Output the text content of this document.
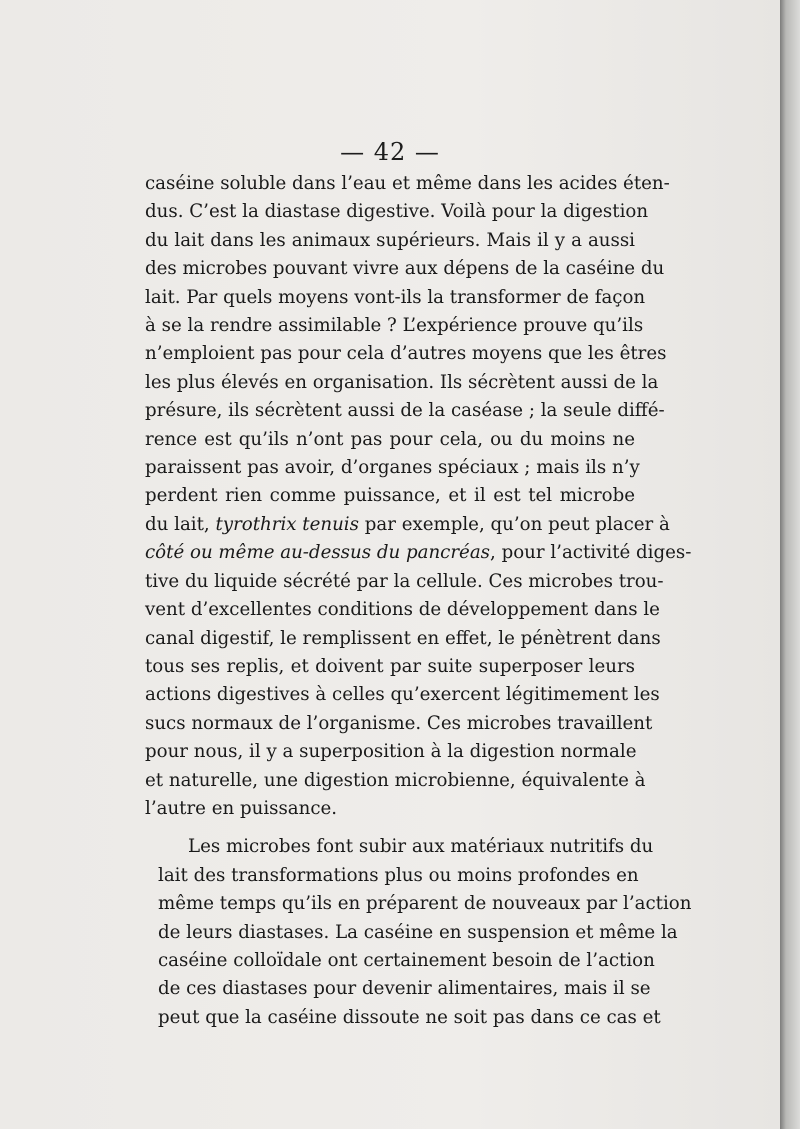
— 42 —
caséine soluble dans l’eau et même dans les acides éten-
dus. C’est la diastase digestive. Voilà pour la digestion
du lait dans les animaux supérieurs. Mais il y a aussi
des microbes pouvant vivre aux dépens de la caséine du
lait. Par quels moyens vont-ils la transformer de façon
à se la rendre assimilable ? L’expérience prouve qu’ils
n’emploient pas pour cela d’autres moyens que les êtres
les plus élevés en organisation. Ils sécrètent aussi de la
présure, ils sécrètent aussi de la caséase ; la seule diffé-
rence est qu’ils n’ont pas pour cela, ou du moins ne
paraissent pas avoir, d’organes spéciaux ; mais ils n’y
perdent rien comme puissance, et il est tel microbe
du lait, tyrothrix tenuis par exemple, qu’on peut placer à
côté ou même au-dessus du pancréas, pour l’activité diges-
tive du liquide sécrété par la cellule. Ces microbes trou-
vent d’excellentes conditions de développement dans le
canal digestif, le remplissent en effet, le pénètrent dans
tous ses replis, et doivent par suite superposer leurs
actions digestives à celles qu’exercent légitimement les
sucs normaux de l’organisme. Ces microbes travaillent
pour nous, il y a superposition à la digestion normale
et naturelle, une digestion microbienne, équivalente à
l’autre en puissance.
Les microbes font subir aux matériaux nutritifs du
lait des transformations plus ou moins profondes en
même temps qu’ils en préparent de nouveaux par l’action
de leurs diastases. La caséine en suspension et même la
caséine colloïdale ont certainement besoin de l’action
de ces diastases pour devenir alimentaires, mais il se
peut que la caséine dissoute ne soit pas dans ce cas et
